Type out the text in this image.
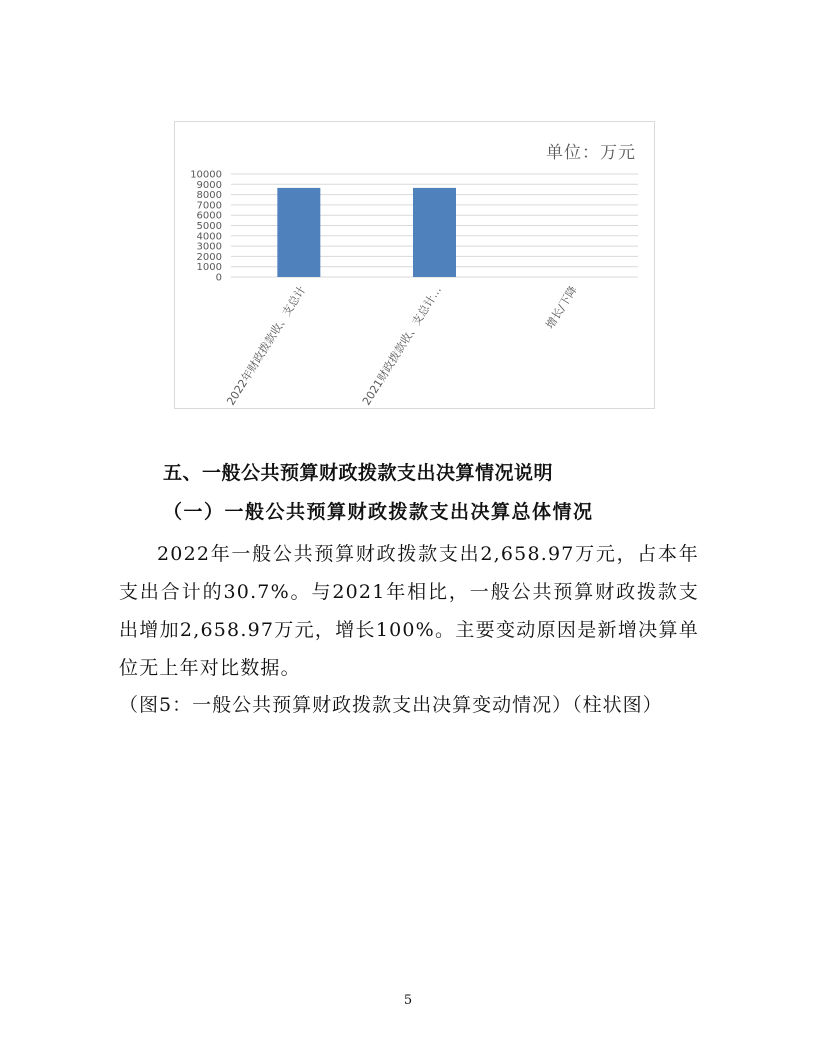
单位：万元
0
1000
2000
3000
4000
5000
6000
7000
8000
9000
10000
2022年财政拨款收、支总计	2021财政拨款收、支总计…	增长/下降
五、一般公共预算财政拨款支出决算情况说明
（一）一般公共预算财政拨款支出决算总体情况
2022年一般公共预算财政拨款支出2,658.97万元，占本年支出合计的30.7%。与2021年相比，一般公共预算财政拨款支出增加2,658.97万元，增长100%。主要变动原因是新增决算单位无上年对比数据。
（图5：一般公共预算财政拨款支出决算变动情况）（柱状图）
5
